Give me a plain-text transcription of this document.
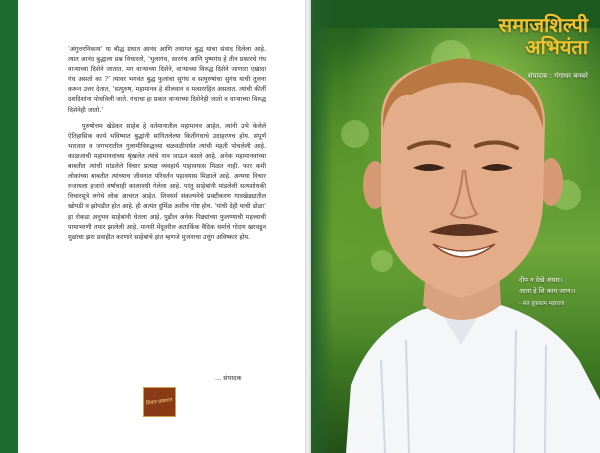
‘अंगुत्तरनिकाय’ या बौद्ध ग्रंथात आनंद आणि तथागत बुद्ध यांचा संवाद दिलेला आहे. त्यात आनंद बुद्धाला प्रश्न विचारतो, ‘भुलागंध, सारगंध आणि पुष्पगंध हे तीन प्रकारचे गंध वाऱ्याच्या दिशेने जातात. मग वाऱ्याच्या दिशेने, वाऱ्याच्या विरुद्ध दिशेने जाणारा एखादा गंध असतो का ?’ त्यावर भगवंत बुद्ध फुलांचा सुगंध व सत्पुरुषांचा सुगंध याची तुलना करून उत्तर देतात, ‘सत्पुरुष, महामानव हे शीलवान व मत्सररहित असतात. त्यांची कीर्ती दशदिशांना पोचविली जाते. गंधाचा हा प्रकार वाऱ्याच्या दिशेनेही जातो व वाऱ्याच्या विरुद्ध दिशेनेही जातो.’

पुरुषोत्तम खेडेकर साहेब हे वर्तमानातील महामानव आहेत. त्यांनी उभे केलेले ऐतिहासिक कार्य भविष्यात बुद्धांनी सांगितलेल्या किर्तीगंधाचे उदाहरणच होय. संपूर्ण भारतात व जगभरातील गुलामीविरुद्धच्या चळवळीपर्यंत त्यांची महती पोचलेली आहे. काळजाची महामानवांच्या श्रृंखलेत त्यांचे नाव जाऊन बसले आहे. अनेक महामानवांच्या बाबतीत त्यांची मांडलेले विचार प्रत्यक्ष व्यवहार्य पाहावयास मिळत नाही. फार कमी लोकांच्या बाबतीत त्यांच्याच जीवनात परिवर्तन पहावयास मिळाले आहे. अन्यथा विचार रुजायला हजारो वर्षांचाही कालावधी गेलेला आहे. परंतु साहेबांनी मांडलेली सत्यशोधकी विचारसूत्रे लगेचे लोक आचरत आहेत. शिवधर्म संकल्पनेचे प्रक्टीकरण गावखेड्यातील खोपडी व झोपडीत होत आहे. ही अत्यंत दुर्मिळ अशीच गोष्ट होय. ‘यांची देही याची डोळा’ हा रोकडा अनुभव साहेबांनी घेतला आहे. पुढील अनेक पिढ्यांच्या फुलण्याची महत्त्वाची पायाभरणी तयार झालेली आहे. मानवी मेंदूवरील अतार्किक वैदिक धर्माचे गोंदण खरवडून मुळाचा झरा प्रवाहीत करणारे साहेबांचे हात म्हणजे मुजनाचा उत्तुंग अविष्कार होय.

... संपादक
शिवार प्रकाशन
समाजशिल्पी
अभियंता
संपादक : गंगाधर बनबरे
दीप न देखे अंधार।
आता हे सि काय जाण।।
- संत तुकाराम महाराज
